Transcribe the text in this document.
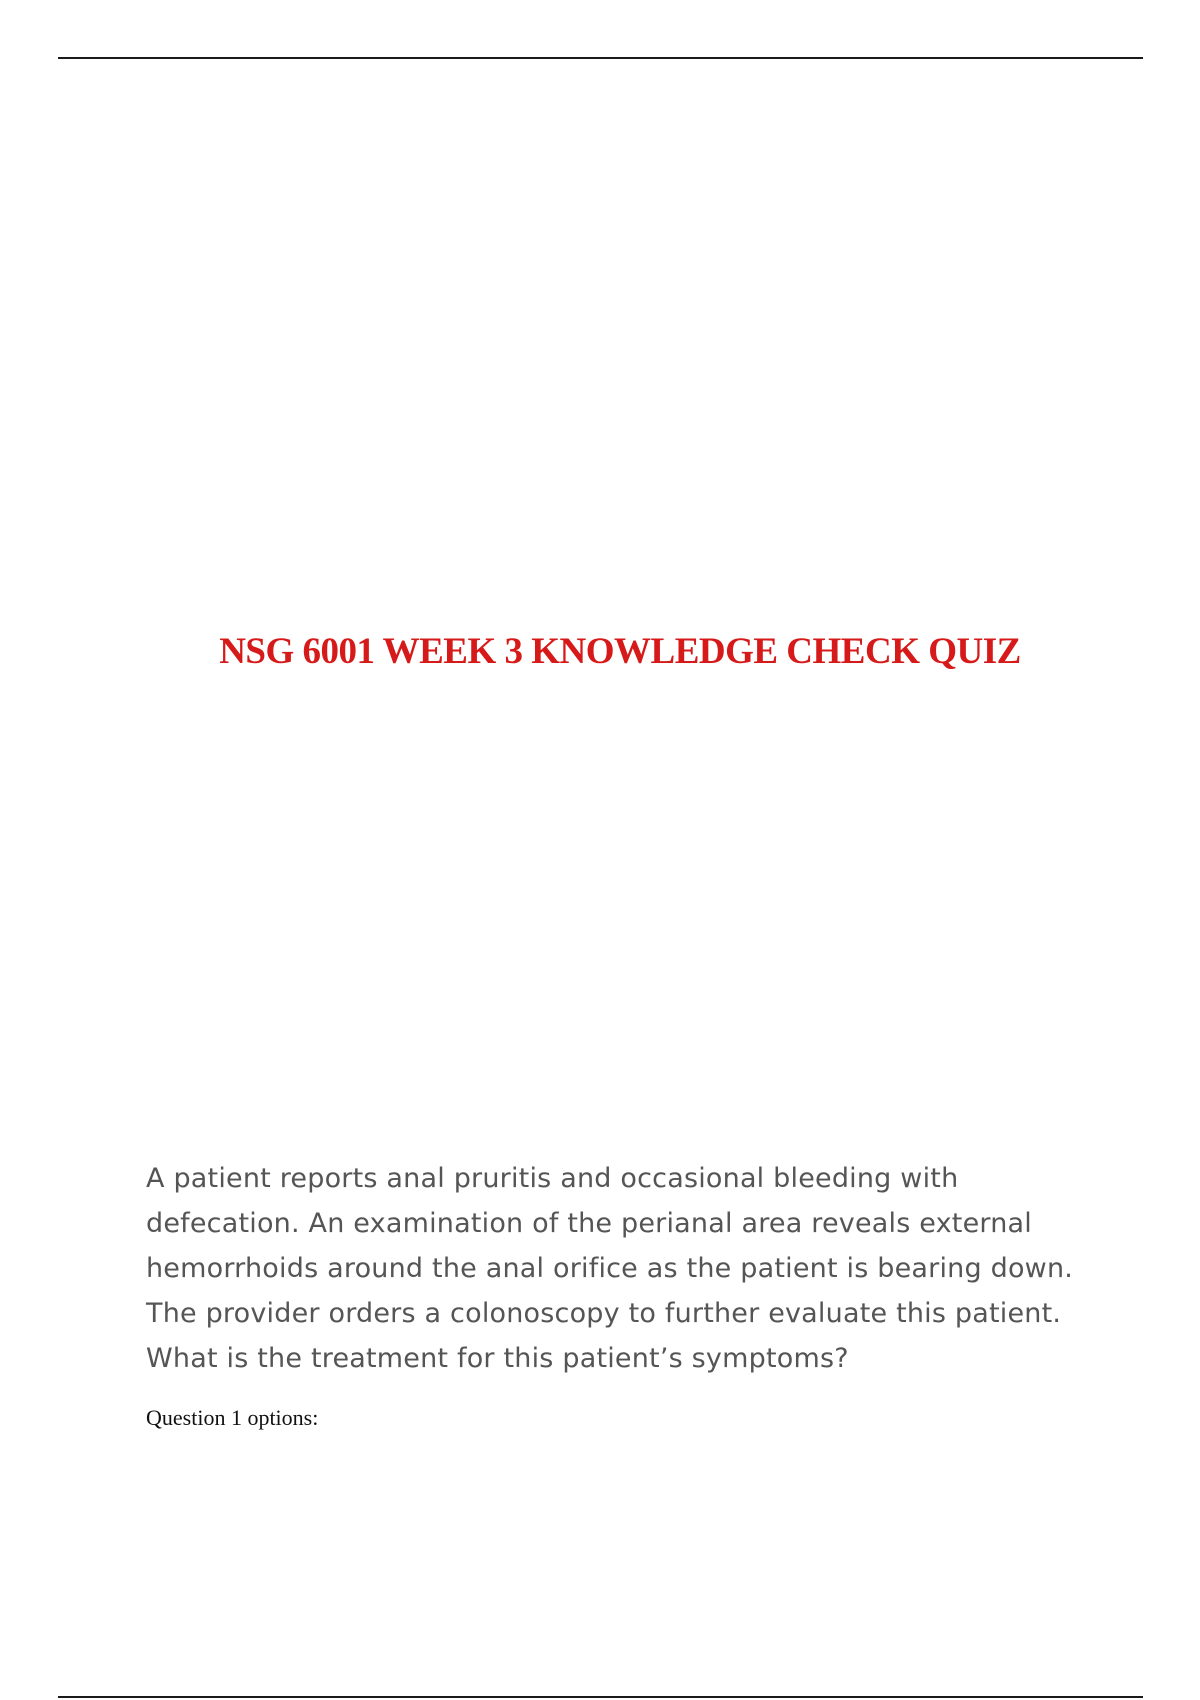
NSG 6001 WEEK 3 KNOWLEDGE CHECK QUIZ

A patient reports anal pruritis and occasional bleeding with defecation. An examination of the perianal area reveals external hemorrhoids around the anal orifice as the patient is bearing down. The provider orders a colonoscopy to further evaluate this patient. What is the treatment for this patient’s symptoms?

Question 1 options:
